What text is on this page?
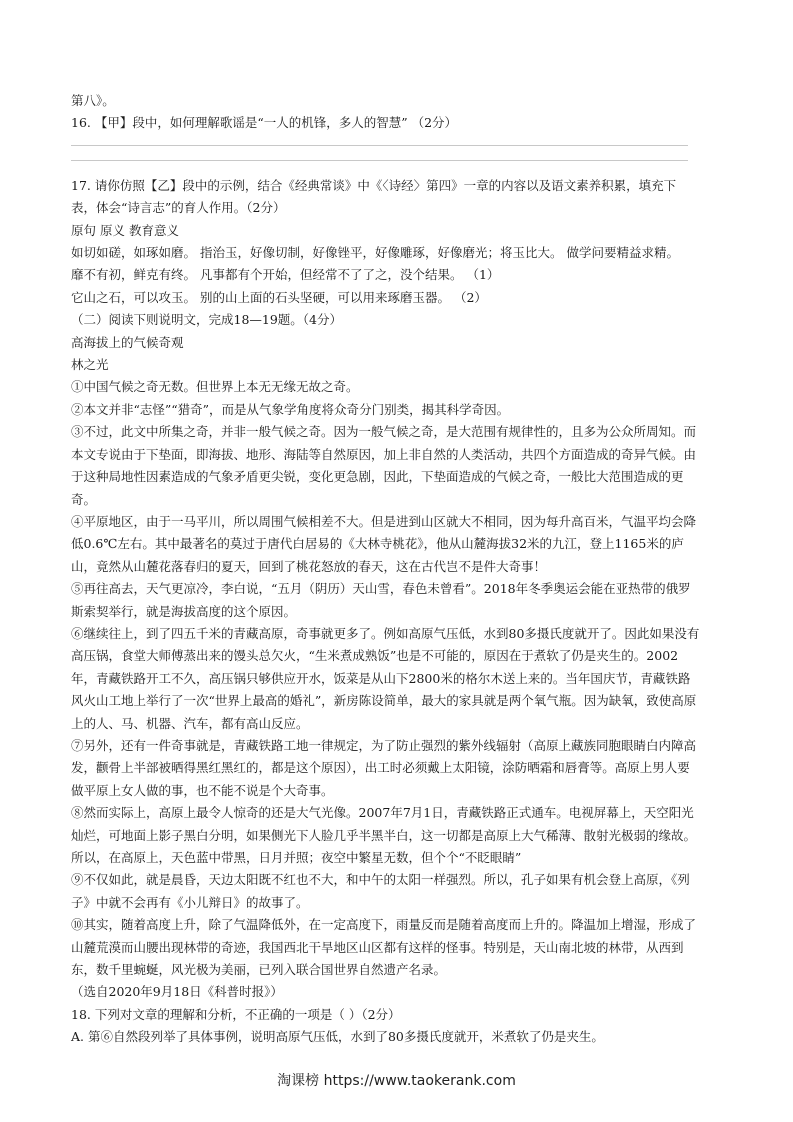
第八》。

16. 【甲】段中，如何理解歌谣是“一人的机锋，多人的智慧” （2分）

17. 请你仿照【乙】段中的示例，结合《经典常谈》中《〈诗经〉第四》一章的内容以及语文素养积累，填充下表，体会“诗言志”的育人作用。（2分）

原句 原义 教育意义

如切如磋，如琢如磨。 指治玉，好像切制，好像锉平，好像雕琢，好像磨光；将玉比大。 做学问要精益求精。

靡不有初，鲜克有终。 凡事都有个开始，但经常不了了之，没个结果。 （1）

它山之石，可以攻玉。 别的山上面的石头坚硬，可以用来琢磨玉器。 （2）

（二）阅读下则说明文，完成18—19题。（4分）

高海拔上的气候奇观

林之光

①中国气候之奇无数。但世界上本无无缘无故之奇。

②本文并非“志怪”“猎奇”，而是从气象学角度将众奇分门别类，揭其科学奇因。

③不过，此文中所集之奇，并非一般气候之奇。因为一般气候之奇，是大范围有规律性的，且多为公众所周知。而本文专说由于下垫面，即海拔、地形、海陆等自然原因，加上非自然的人类活动，共四个方面造成的奇异气候。由于这种局地性因素造成的气象矛盾更尖锐，变化更急剧，因此，下垫面造成的气候之奇，一般比大范围造成的更奇。

④平原地区，由于一马平川，所以周围气候相差不大。但是进到山区就大不相同，因为每升高百米，气温平均会降低0.6℃左右。其中最著名的莫过于唐代白居易的《大林寺桃花》，他从山麓海拔32米的九江，登上1165米的庐山，竟然从山麓花落春归的夏天，回到了桃花怒放的春天，这在古代岂不是件大奇事！

⑤再往高去，天气更凉冷，李白说，“五月（阴历）天山雪，春色未曾看”。2018年冬季奥运会能在亚热带的俄罗斯索契举行，就是海拔高度的这个原因。

⑥继续往上，到了四五千米的青藏高原，奇事就更多了。例如高原气压低，水到80多摄氏度就开了。因此如果没有高压锅，食堂大师傅蒸出来的馒头总欠火，“生米煮成熟饭”也是不可能的，原因在于煮软了仍是夹生的。2002年，青藏铁路开工不久，高压锅只够供应开水，饭菜是从山下2800米的格尔木送上来的。当年国庆节，青藏铁路风火山工地上举行了一次“世界上最高的婚礼”，新房陈设简单，最大的家具就是两个氧气瓶。因为缺氧，致使高原上的人、马、机器、汽车，都有高山反应。

⑦另外，还有一件奇事就是，青藏铁路工地一律规定，为了防止强烈的紫外线辐射（高原上藏族同胞眼睛白内障高发，颧骨上半部被晒得黑红黑红的，都是这个原因），出工时必须戴上太阳镜，涂防晒霜和唇膏等。高原上男人要做平原上女人做的事，也不能不说是个大奇事。

⑧然而实际上，高原上最令人惊奇的还是大气光像。2007年7月1日，青藏铁路正式通车。电视屏幕上，天空阳光灿烂，可地面上影子黑白分明，如果侧光下人脸几乎半黑半白，这一切都是高原上大气稀薄、散射光极弱的缘故。所以，在高原上，天色蓝中带黑，日月并照；夜空中繁星无数，但个个“不眨眼睛”

⑨不仅如此，就是晨昏，天边太阳既不红也不大，和中午的太阳一样强烈。所以，孔子如果有机会登上高原，《列子》中就不会再有《小儿辩日》的故事了。

⑩其实，随着高度上升，除了气温降低外，在一定高度下，雨量反而是随着高度而上升的。降温加上增湿，形成了山麓荒漠而山腰出现林带的奇迹，我国西北干旱地区山区都有这样的怪事。特别是，天山南北坡的林带，从西到东，数千里蜿蜒，风光极为美丽，已列入联合国世界自然遗产名录。

（选自2020年9月18日《科普时报》）

18. 下列对文章的理解和分析，不正确的一项是（ ）（2分）

A. 第⑥自然段列举了具体事例，说明高原气压低，水到了80多摄氏度就开，米煮软了仍是夹生。

淘课榜 https://www.taokerank.com
